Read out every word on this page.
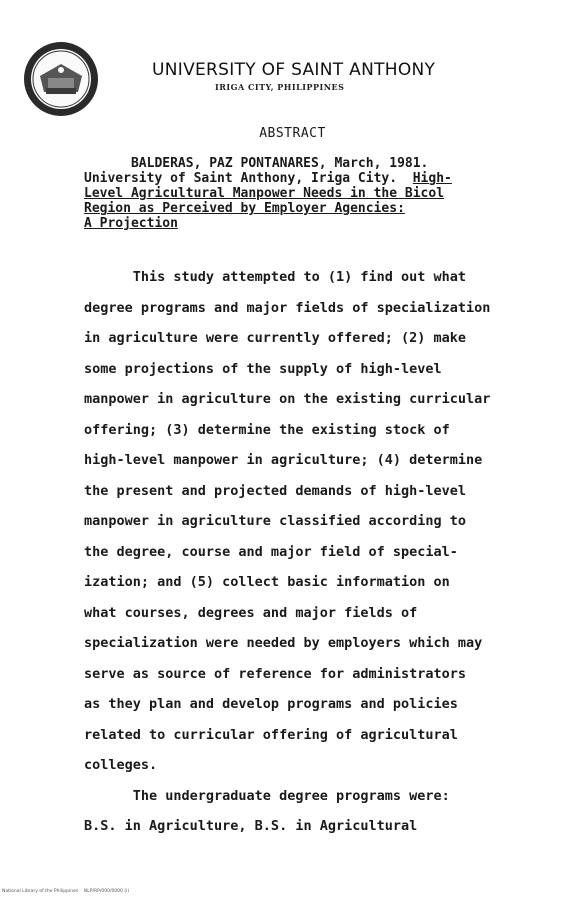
UNIVERSITY OF SAINT ANTHONY
IRIGA CITY, PHILIPPINES
ABSTRACT
BALDERAS, PAZ PONTANARES, March, 1981.
University of Saint Anthony, Iriga City.  High-
Level Agricultural Manpower Needs in the Bicol
Region as Perceived by Employer Agencies:
A Projection
This study attempted to (1) find out what
degree programs and major fields of specialization
in agriculture were currently offered; (2) make
some projections of the supply of high-level
manpower in agriculture on the existing curricular
offering; (3) determine the existing stock of
high-level manpower in agriculture; (4) determine
the present and projected demands of high-level
manpower in agriculture classified according to
the degree, course and major field of special-
ization; and (5) collect basic information on
what courses, degrees and major fields of
specialization were needed by employers which may
serve as source of reference for administrators
as they plan and develop programs and policies
related to curricular offering of agricultural
colleges.
The undergraduate degree programs were:
B.S. in Agriculture, B.S. in Agricultural
National Library of the Philippines    NLP/RP/000/0000 (i)
